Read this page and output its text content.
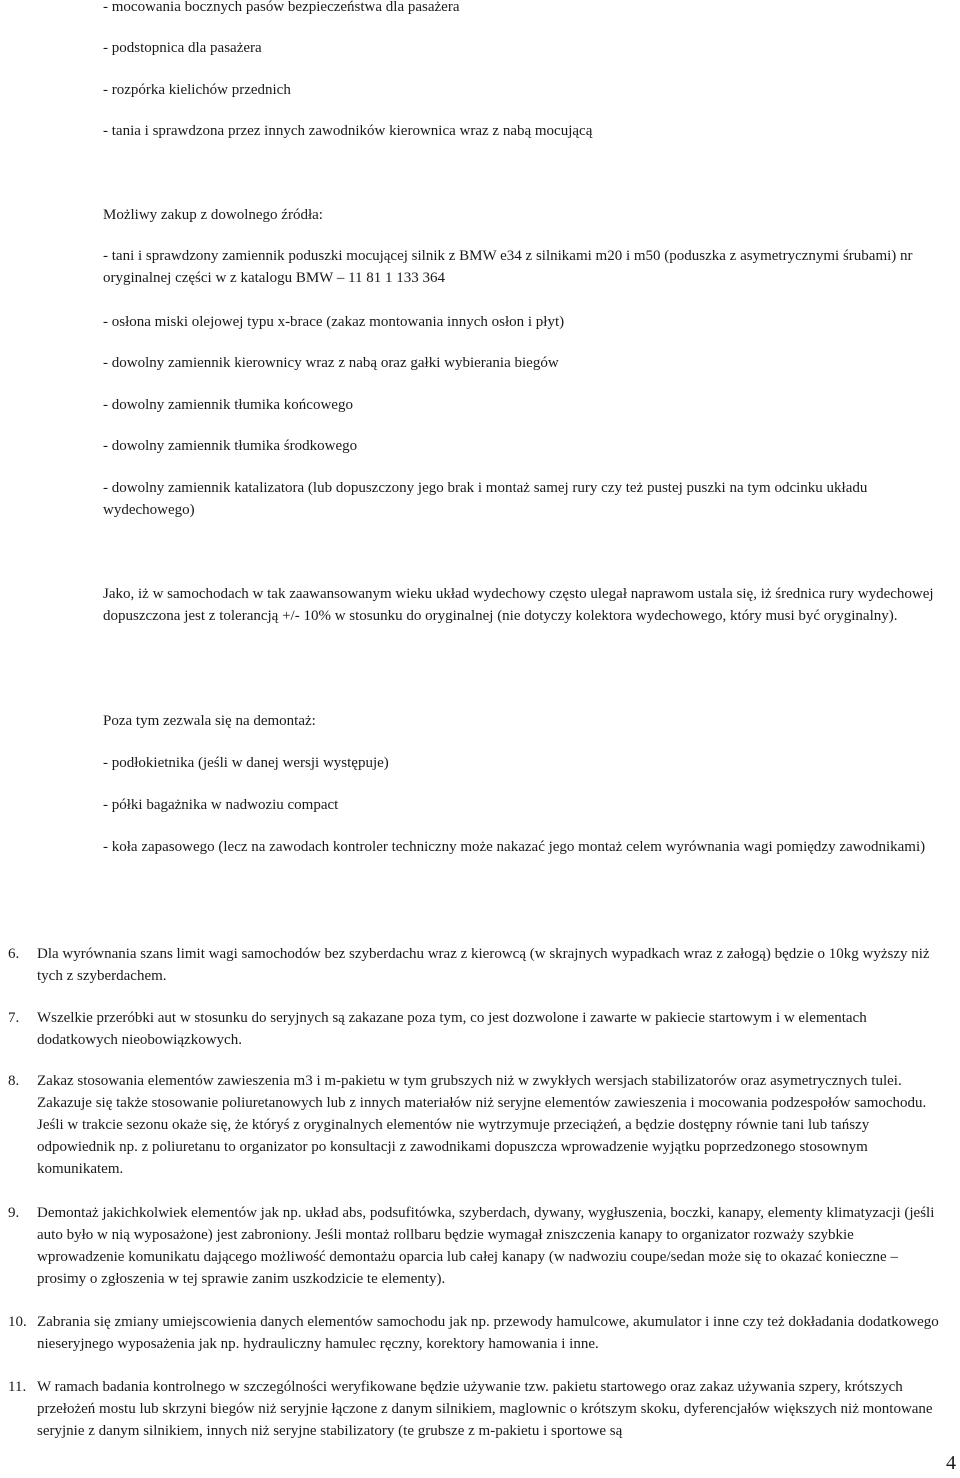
- mocowania bocznych pasów bezpieczeństwa dla pasażera

- podstopnica dla pasażera

- rozpórka kielichów przednich

- tania i sprawdzona przez innych zawodników kierownica wraz z nabą mocującą

Możliwy zakup z dowolnego źródła:

- tani i sprawdzony zamiennik poduszki mocującej silnik z BMW e34 z silnikami m20 i m50 (poduszka z asymetrycznymi śrubami) nr oryginalnej części w z katalogu BMW – 11 81 1 133 364

- osłona miski olejowej typu x-brace (zakaz montowania innych osłon i płyt)

- dowolny zamiennik kierownicy wraz z nabą oraz gałki wybierania biegów

- dowolny zamiennik tłumika końcowego

- dowolny zamiennik tłumika środkowego

- dowolny zamiennik katalizatora (lub dopuszczony jego brak i montaż samej rury czy też pustej puszki na tym odcinku układu wydechowego)

Jako, iż w samochodach w tak zaawansowanym wieku układ wydechowy często ulegał naprawom ustala się, iż średnica rury wydechowej dopuszczona jest z tolerancją +/- 10% w stosunku do oryginalnej (nie dotyczy kolektora wydechowego, który musi być oryginalny).

Poza tym zezwala się na demontaż:

- podłokietnika (jeśli w danej wersji występuje)

- półki bagażnika w nadwoziu compact

- koła zapasowego (lecz na zawodach kontroler techniczny może nakazać jego montaż celem wyrównania wagi pomiędzy zawodnikami)

6. Dla wyrównania szans limit wagi samochodów bez szyberdachu wraz z kierowcą (w skrajnych wypadkach wraz z załogą) będzie o 10kg wyższy niż tych z szyberdachem.
7. Wszelkie przeróbki aut w stosunku do seryjnych są zakazane poza tym, co jest dozwolone i zawarte w pakiecie startowym i w elementach dodatkowych nieobowiązkowych.
8. Zakaz stosowania elementów zawieszenia m3 i m-pakietu w tym grubszych niż w zwykłych wersjach stabilizatorów oraz asymetrycznych tulei. Zakazuje się także stosowanie poliuretanowych lub z innych materiałów niż seryjne elementów zawieszenia i mocowania podzespołów samochodu. Jeśli w trakcie sezonu okaże się, że któryś z oryginalnych elementów nie wytrzymuje przeciążeń, a będzie dostępny równie tani lub tańszy odpowiednik np. z poliuretanu to organizator po konsultacji z zawodnikami dopuszcza wprowadzenie wyjątku poprzedzonego stosownym komunikatem.
9. Demontaż jakichkolwiek elementów jak np. układ abs, podsufitówka, szyberdach, dywany, wygłuszenia, boczki, kanapy, elementy klimatyzacji (jeśli auto było w nią wyposażone) jest zabroniony. Jeśli montaż rollbaru będzie wymagał zniszczenia kanapy to organizator rozważy szybkie wprowadzenie komunikatu dającego możliwość demontażu oparcia lub całej kanapy (w nadwoziu coupe/sedan może się to okazać konieczne – prosimy o zgłoszenia w tej sprawie zanim uszkodzicie te elementy).
10. Zabrania się zmiany umiejscowienia danych elementów samochodu jak np. przewody hamulcowe, akumulator i inne czy też dokładania dodatkowego nieseryjnego wyposażenia jak np. hydrauliczny hamulec ręczny, korektory hamowania i inne.
11. W ramach badania kontrolnego w szczególności weryfikowane będzie używanie tzw. pakietu startowego oraz zakaz używania szpery, krótszych przełożeń mostu lub skrzyni biegów niż seryjnie łączone z danym silnikiem, maglownic o krótszym skoku, dyferencjałów większych niż montowane seryjnie z danym silnikiem, innych niż seryjne stabilizatory (te grubsze z m-pakietu i sportowe są
4
